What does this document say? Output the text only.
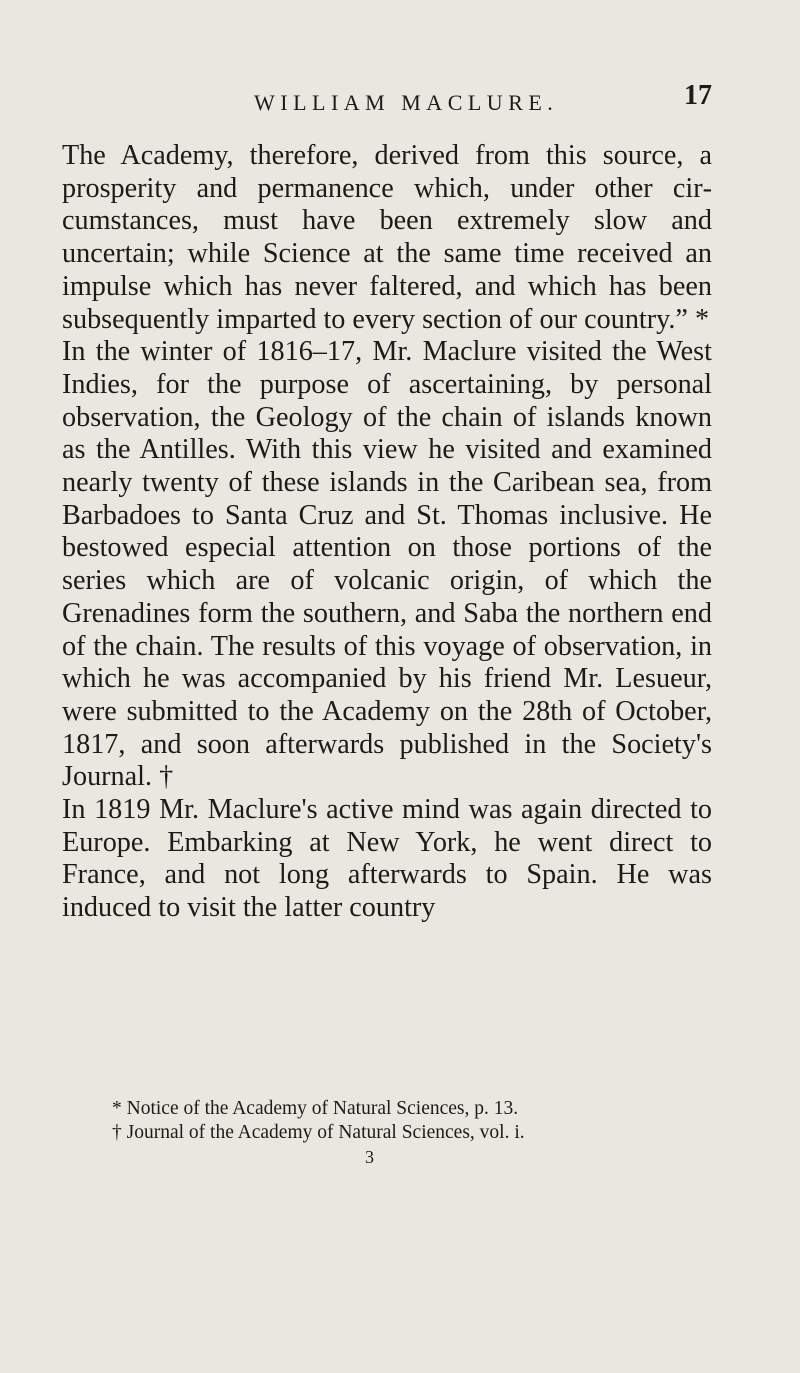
WILLIAM MACLURE.	17

The Academy, therefore, derived from this source, a prosperity and permanence which, under other circumstances, must have been extremely slow and uncertain; while Science at the same time received an impulse which has never faltered, and which has been subsequently imparted to every section of our country.” *

In the winter of 1816–17, Mr. Maclure visited the West Indies, for the purpose of ascertaining, by personal observation, the Geology of the chain of islands known as the Antilles. With this view he visited and examined nearly twenty of these islands in the Caribean sea, from Barbadoes to Santa Cruz and St. Thomas inclusive. He bestowed especial attention on those portions of the series which are of volcanic origin, of which the Grenadines form the southern, and Saba the northern end of the chain. The results of this voyage of observation, in which he was accompanied by his friend Mr. Lesueur, were submitted to the Academy on the 28th of October, 1817, and soon afterwards published in the Society's Journal. †

In 1819 Mr. Maclure's active mind was again directed to Europe. Embarking at New York, he went direct to France, and not long afterwards to Spain. He was induced to visit the latter country

* Notice of the Academy of Natural Sciences, p. 13.

† Journal of the Academy of Natural Sciences, vol. i.

3
